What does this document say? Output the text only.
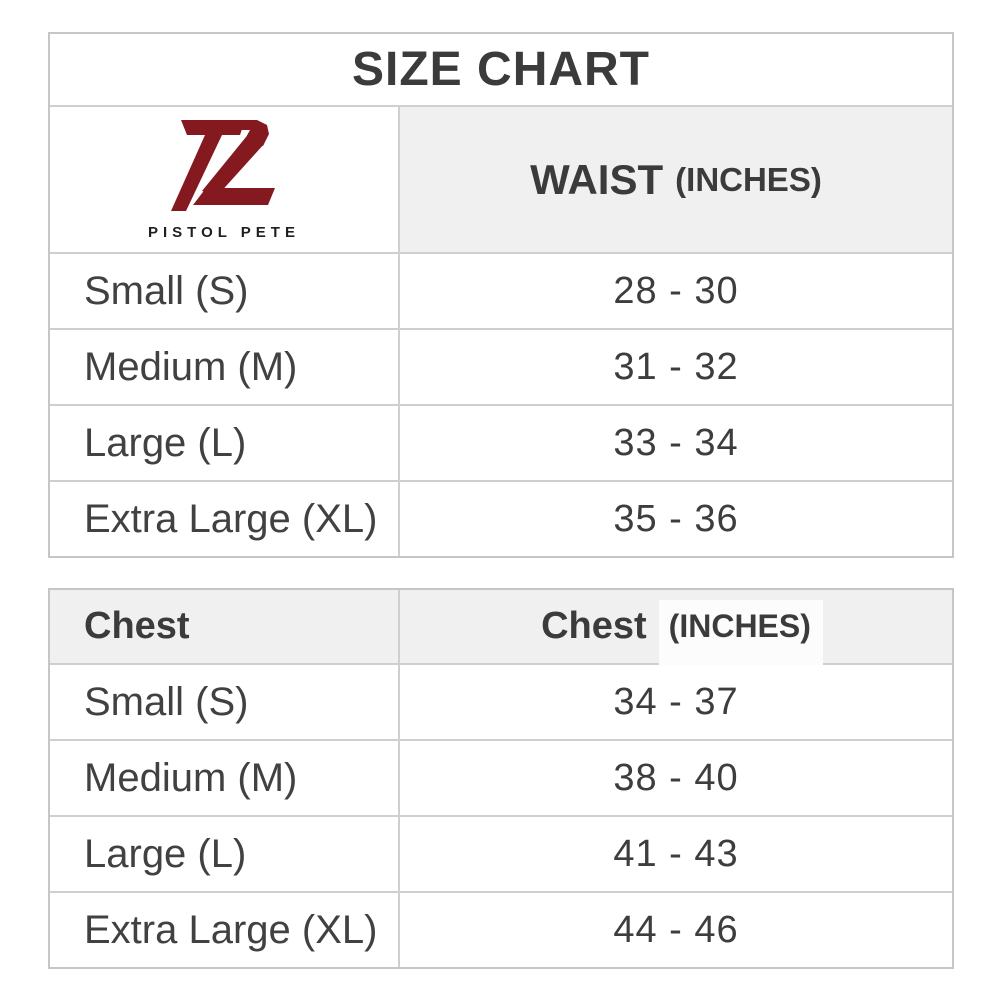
SIZE CHART
PISTOL PETE
WAIST (INCHES)
Small (S)	28 - 30
Medium (M)	31 - 32
Large (L)	33 - 34
Extra Large (XL)	35 - 36
Chest	Chest (INCHES)
Small (S)	34 - 37
Medium (M)	38 - 40
Large (L)	41 - 43
Extra Large (XL)	44 - 46
